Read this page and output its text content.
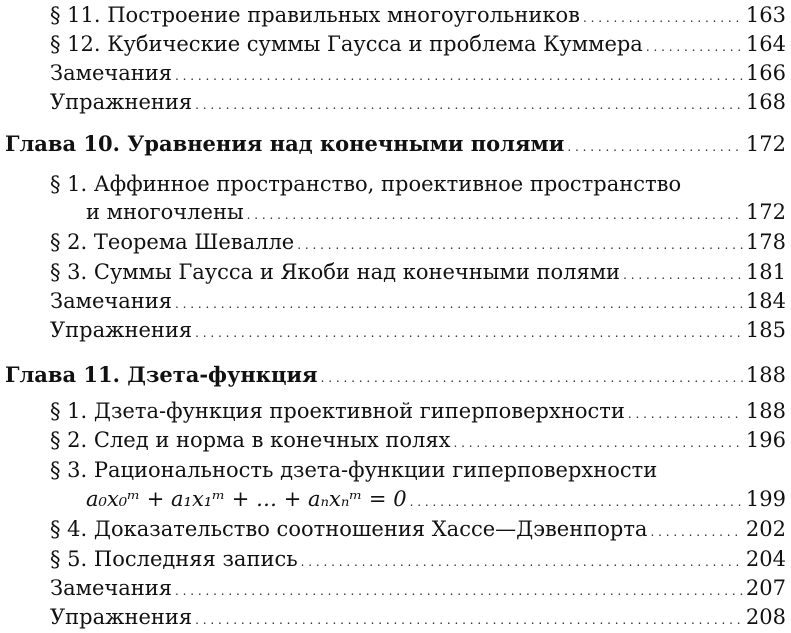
§ 11. Построение правильных многоугольников . . .	163
§ 12. Кубические суммы Гаусса и проблема Куммера . . .	164
Замечания . . .	166
Упражнения . . .	168
Глава 10. Уравнения над конечными полями . . .	172
§ 1. Аффинное пространство, проективное пространство
и многочлены . . .	172
§ 2. Теорема Шевалле . . .	178
§ 3. Суммы Гаусса и Якоби над конечными полями . . .	181
Замечания . . .	184
Упражнения . . .	185
Глава 11. Дзета-функция . . .	188
§ 1. Дзета-функция проективной гиперповерхности . . .	188
§ 2. След и норма в конечных полях . . .	196
§ 3. Рациональность дзета-функции гиперповерхности
a₀x₀ᵐ + a₁x₁ᵐ + … + aₙxₙᵐ = 0 . . .	199
§ 4. Доказательство соотношения Хассе—Дэвенпорта . . .	202
§ 5. Последняя запись . . .	204
Замечания . . .	207
Упражнения . . .	208
